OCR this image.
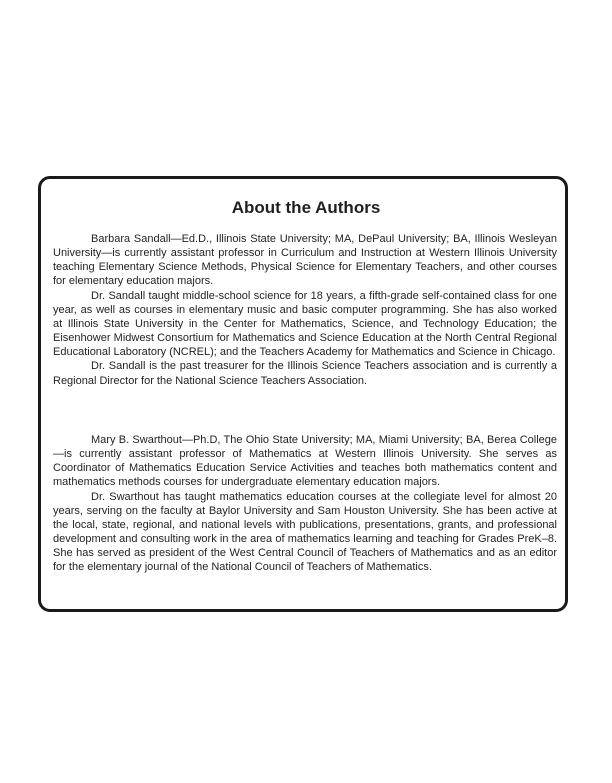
About the Authors

Barbara Sandall—Ed.D., Illinois State University; MA, DePaul University; BA, Illinois Wesleyan University—is currently assistant professor in Curriculum and Instruction at Western Illinois University teaching Elementary Science Methods, Physical Science for Elementary Teachers, and other courses for elementary education majors.

Dr. Sandall taught middle-school science for 18 years, a fifth-grade self-contained class for one year, as well as courses in elementary music and basic computer programming. She has also worked at Illinois State University in the Center for Mathematics, Science, and Technology Education; the Eisenhower Midwest Consortium for Mathematics and Science Education at the North Central Regional Educational Laboratory (NCREL); and the Teachers Academy for Mathematics and Science in Chicago.

Dr. Sandall is the past treasurer for the Illinois Science Teachers association and is currently a Regional Director for the National Science Teachers Association.

Mary B. Swarthout—Ph.D, The Ohio State University; MA, Miami University; BA, Berea College—is currently assistant professor of Mathematics at Western Illinois University. She serves as Coordinator of Mathematics Education Service Activities and teaches both mathematics content and mathematics methods courses for undergraduate elementary education majors.

Dr. Swarthout has taught mathematics education courses at the collegiate level for almost 20 years, serving on the faculty at Baylor University and Sam Houston University. She has been active at the local, state, regional, and national levels with publications, presentations, grants, and professional development and consulting work in the area of mathematics learning and teaching for Grades PreK–8. She has served as president of the West Central Council of Teachers of Mathematics and as an editor for the elementary journal of the National Council of Teachers of Mathematics.
